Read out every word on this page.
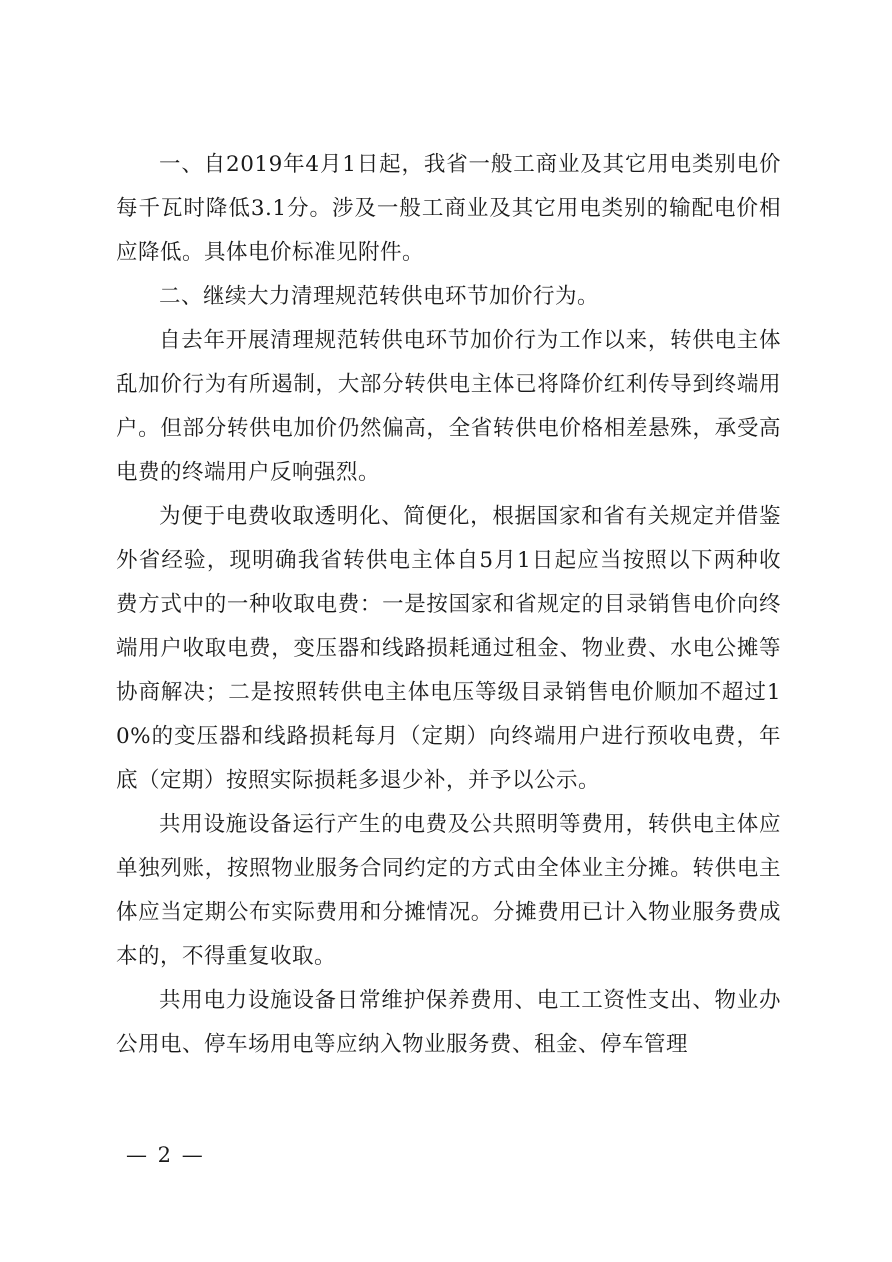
一、自2019年4月1日起，我省一般工商业及其它用电类别电价每千瓦时降低3.1分。涉及一般工商业及其它用电类别的输配电价相应降低。具体电价标准见附件。

二、继续大力清理规范转供电环节加价行为。

自去年开展清理规范转供电环节加价行为工作以来，转供电主体乱加价行为有所遏制，大部分转供电主体已将降价红利传导到终端用户。但部分转供电加价仍然偏高，全省转供电价格相差悬殊，承受高电费的终端用户反响强烈。

为便于电费收取透明化、简便化，根据国家和省有关规定并借鉴外省经验，现明确我省转供电主体自5月1日起应当按照以下两种收费方式中的一种收取电费：一是按国家和省规定的目录销售电价向终端用户收取电费，变压器和线路损耗通过租金、物业费、水电公摊等协商解决；二是按照转供电主体电压等级目录销售电价顺加不超过10%的变压器和线路损耗每月（定期）向终端用户进行预收电费，年底（定期）按照实际损耗多退少补，并予以公示。

共用设施设备运行产生的电费及公共照明等费用，转供电主体应单独列账，按照物业服务合同约定的方式由全体业主分摊。转供电主体应当定期公布实际费用和分摊情况。分摊费用已计入物业服务费成本的，不得重复收取。

共用电力设施设备日常维护保养费用、电工工资性支出、物业办公用电、停车场用电等应纳入物业服务费、租金、停车管理

— 2 —
